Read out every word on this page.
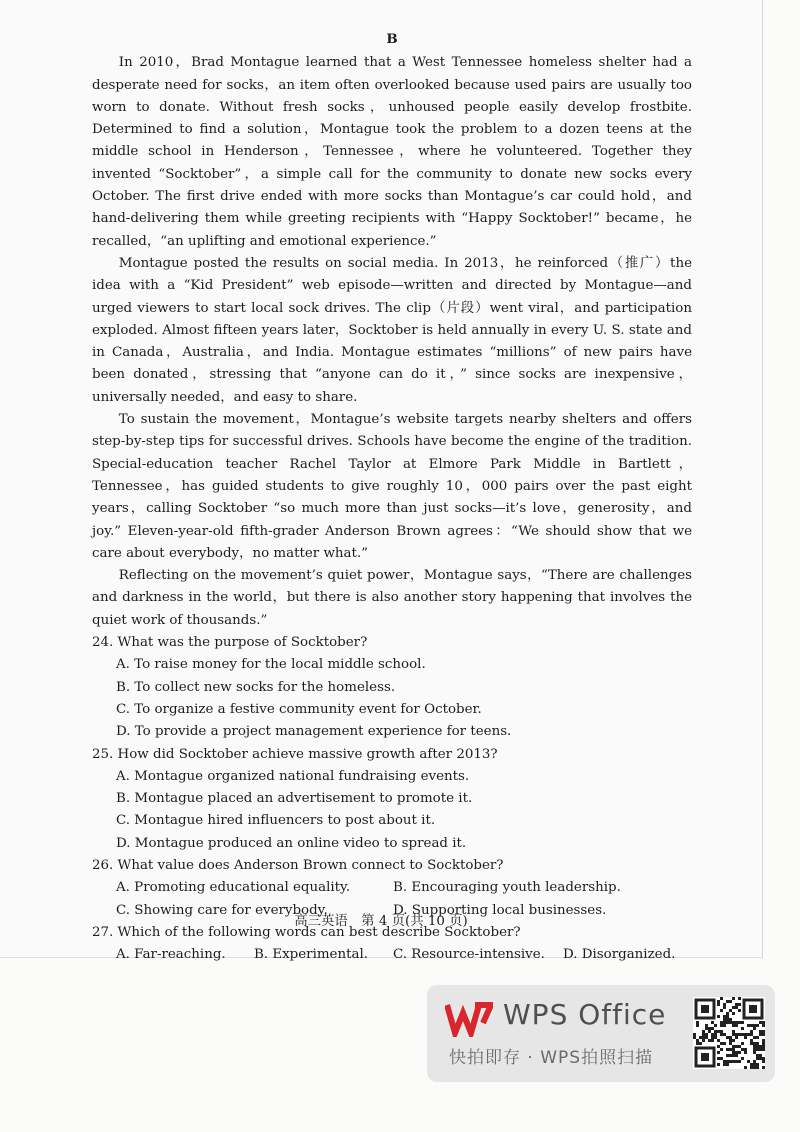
B

In 2010，Brad Montague learned that a West Tennessee homeless shelter had a desperate need for socks，an item often overlooked because used pairs are usually too worn to donate. Without fresh socks，unhoused people easily develop frostbite. Determined to find a solution，Montague took the problem to a dozen teens at the middle school in Henderson，Tennessee，where he volunteered. Together they invented “Socktober”，a simple call for the community to donate new socks every October. The first drive ended with more socks than Montague’s car could hold，and hand-delivering them while greeting recipients with “Happy Socktober!” became，he recalled，“an uplifting and emotional experience.”

Montague posted the results on social media. In 2013，he reinforced（推广）the idea with a “Kid President” web episode—written and directed by Montague—and urged viewers to start local sock drives. The clip（片段）went viral，and participation exploded. Almost fifteen years later，Socktober is held annually in every U. S. state and in Canada，Australia，and India. Montague estimates “millions” of new pairs have been donated，stressing that “anyone can do it，” since socks are inexpensive，universally needed，and easy to share.

To sustain the movement，Montague’s website targets nearby shelters and offers step-by-step tips for successful drives. Schools have become the engine of the tradition. Special-education teacher Rachel Taylor at Elmore Park Middle in Bartlett，Tennessee，has guided students to give roughly 10，000 pairs over the past eight years，calling Socktober “so much more than just socks—it’s love，generosity，and joy.” Eleven-year-old fifth-grader Anderson Brown agrees：“We should show that we care about everybody，no matter what.”

Reflecting on the movement’s quiet power，Montague says，“There are challenges and darkness in the world，but there is also another story happening that involves the quiet work of thousands.”

24. What was the purpose of Socktober?
A. To raise money for the local middle school.
B. To collect new socks for the homeless.
C. To organize a festive community event for October.
D. To provide a project management experience for teens.
25. How did Socktober achieve massive growth after 2013?
A. Montague organized national fundraising events.
B. Montague placed an advertisement to promote it.
C. Montague hired influencers to post about it.
D. Montague produced an online video to spread it.
26. What value does Anderson Brown connect to Socktober?
A. Promoting educational equality.	B. Encouraging youth leadership.
C. Showing care for everybody.	D. Supporting local businesses.
27. Which of the following words can best describe Socktober?
A. Far-reaching.	B. Experimental.	C. Resource-intensive.	D. Disorganized.
高三英语　第 4 页(共 10 页)
WPS Office
快拍即存 · WPS拍照扫描
